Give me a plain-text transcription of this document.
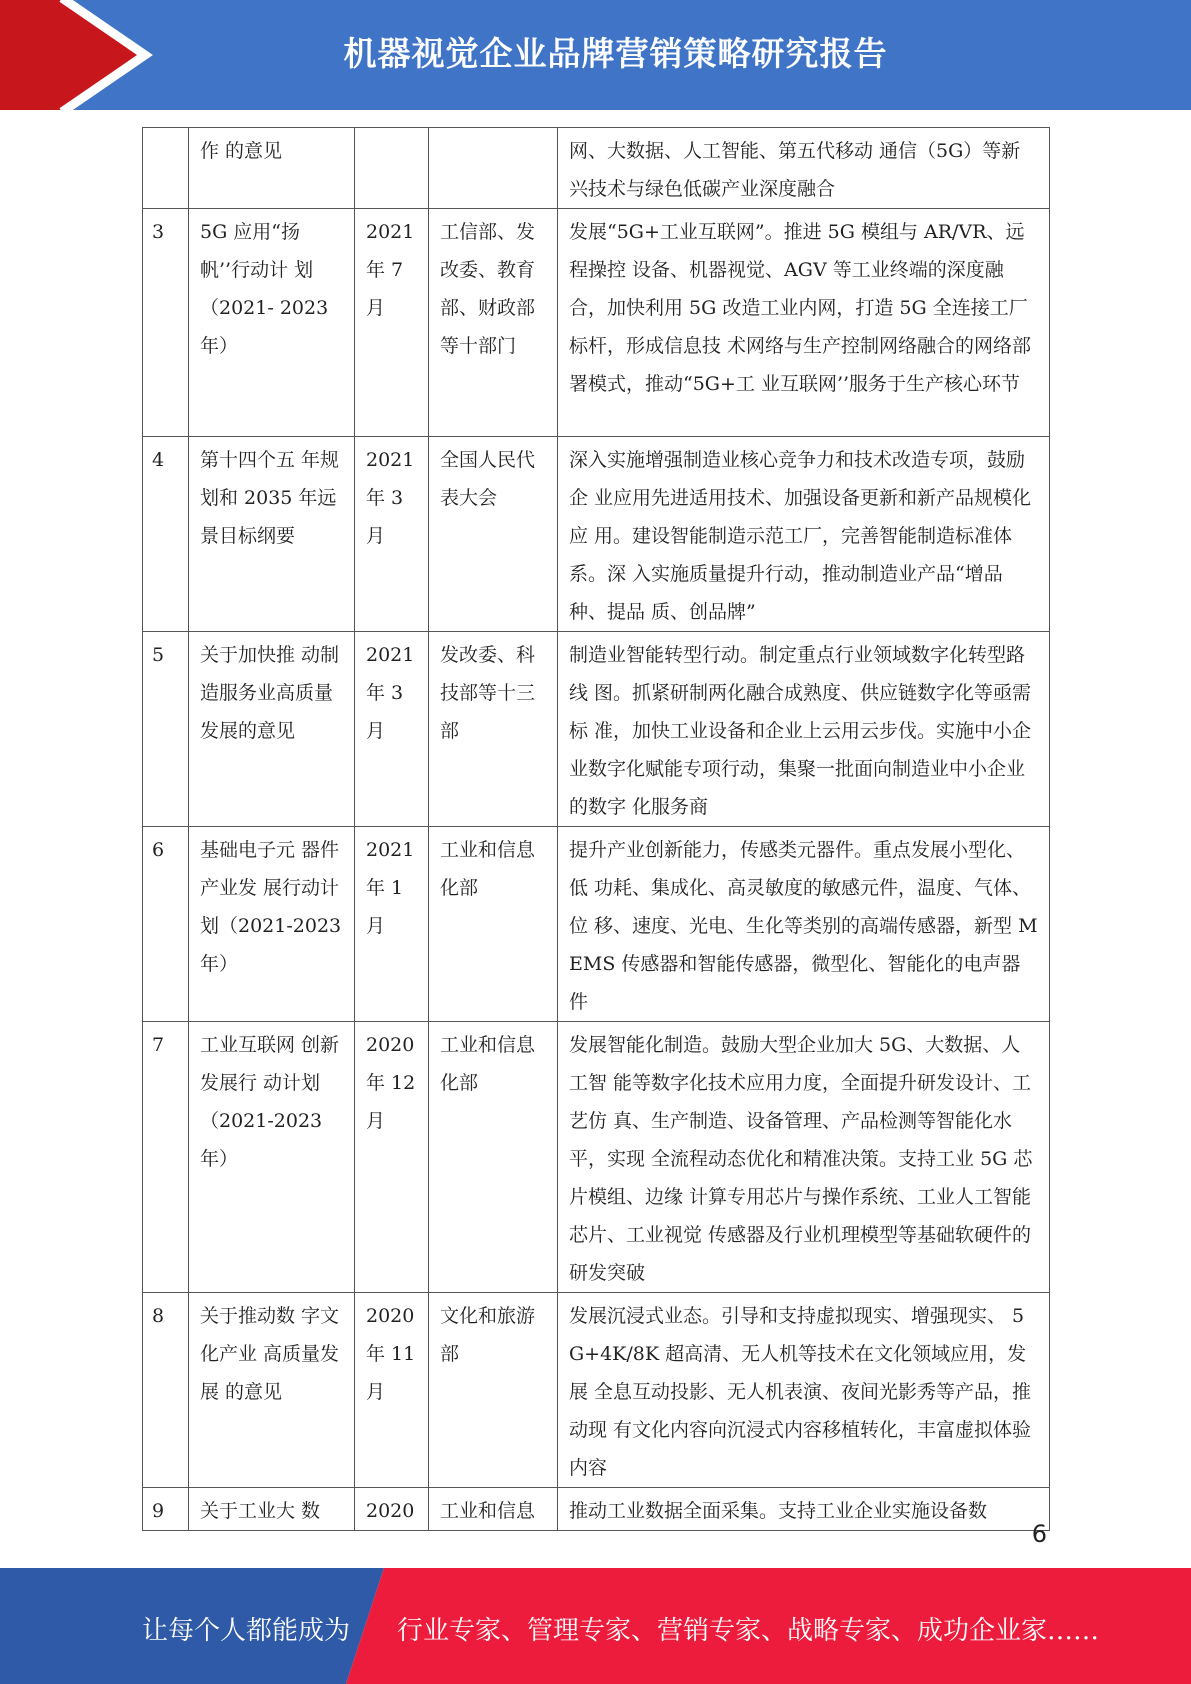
机器视觉企业品牌营销策略研究报告
	作 的意见			网、大数据、人工智能、第五代移动 通信（5G）等新兴技术与绿色低碳产业深度融合
3	5G 应用“扬 帆’’行动计 划（2021- 2023年）	2021年 7月	工信部、发改委、教育部、财政部等十部门	发展“5G+工业互联网”。推进 5G 模组与 AR/VR、远程操控 设备、机器视觉、AGV 等工业终端的深度融合，加快利用 5G 改造工业内网，打造 5G 全连接工厂标杆，形成信息技 术网络与生产控制网络融合的网络部署模式，推动“5G+工 业互联网’’服务于生产核心环节
4	第十四个五 年规划和 2035 年远 景目标纲要	2021年 3月	全国人民代表大会	深入实施增强制造业核心竞争力和技术改造专项，鼓励企 业应用先进适用技术、加强设备更新和新产品规模化应 用。建设智能制造示范工厂，完善智能制造标准体系。深 入实施质量提升行动，推动制造业产品“增品种、提品 质、创品牌”
5	关于加快推 动制造服务业高质量发展的意见	2021年 3月	发改委、科技部等十三部	制造业智能转型行动。制定重点行业领域数字化转型路线 图。抓紧研制两化融合成熟度、供应链数字化等亟需标 准，加快工业设备和企业上云用云步伐。实施中小企业数字化赋能专项行动，集聚一批面向制造业中小企业的数字 化服务商
6	基础电子元 器件产业发 展行动计划（2021-2023 年）	2021年 1月	工业和信息化部	提升产业创新能力，传感类元器件。重点发展小型化、低 功耗、集成化、高灵敏度的敏感元件，温度、气体、位 移、速度、光电、生化等类别的高端传感器，新型 MEMS 传感器和智能传感器，微型化、智能化的电声器件
7	工业互联网 创新发展行 动计划（2021-2023年）	2020年 12月	工业和信息化部	发展智能化制造。鼓励大型企业加大 5G、大数据、人工智 能等数字化技术应用力度，全面提升研发设计、工艺仿 真、生产制造、设备管理、产品检测等智能化水平，实现 全流程动态优化和精准决策。支持工业 5G 芯片模组、边缘 计算专用芯片与操作系统、工业人工智能芯片、工业视觉 传感器及行业机理模型等基础软硬件的研发突破
8	关于推动数 字文化产业 高质量发展 的意见	2020年 11月	文化和旅游部	发展沉浸式业态。引导和支持虚拟现实、增强现实、 5G+4K/8K 超高清、无人机等技术在文化领域应用，发展 全息互动投影、无人机表演、夜间光影秀等产品，推动现 有文化内容向沉浸式内容移植转化，丰富虚拟体验内容
9	关于工业大 数	2020	工业和信息	推动工业数据全面采集。支持工业企业实施设备数
6
让每个人都能成为 行业专家、管理专家、营销专家、战略专家、成功企业家……
